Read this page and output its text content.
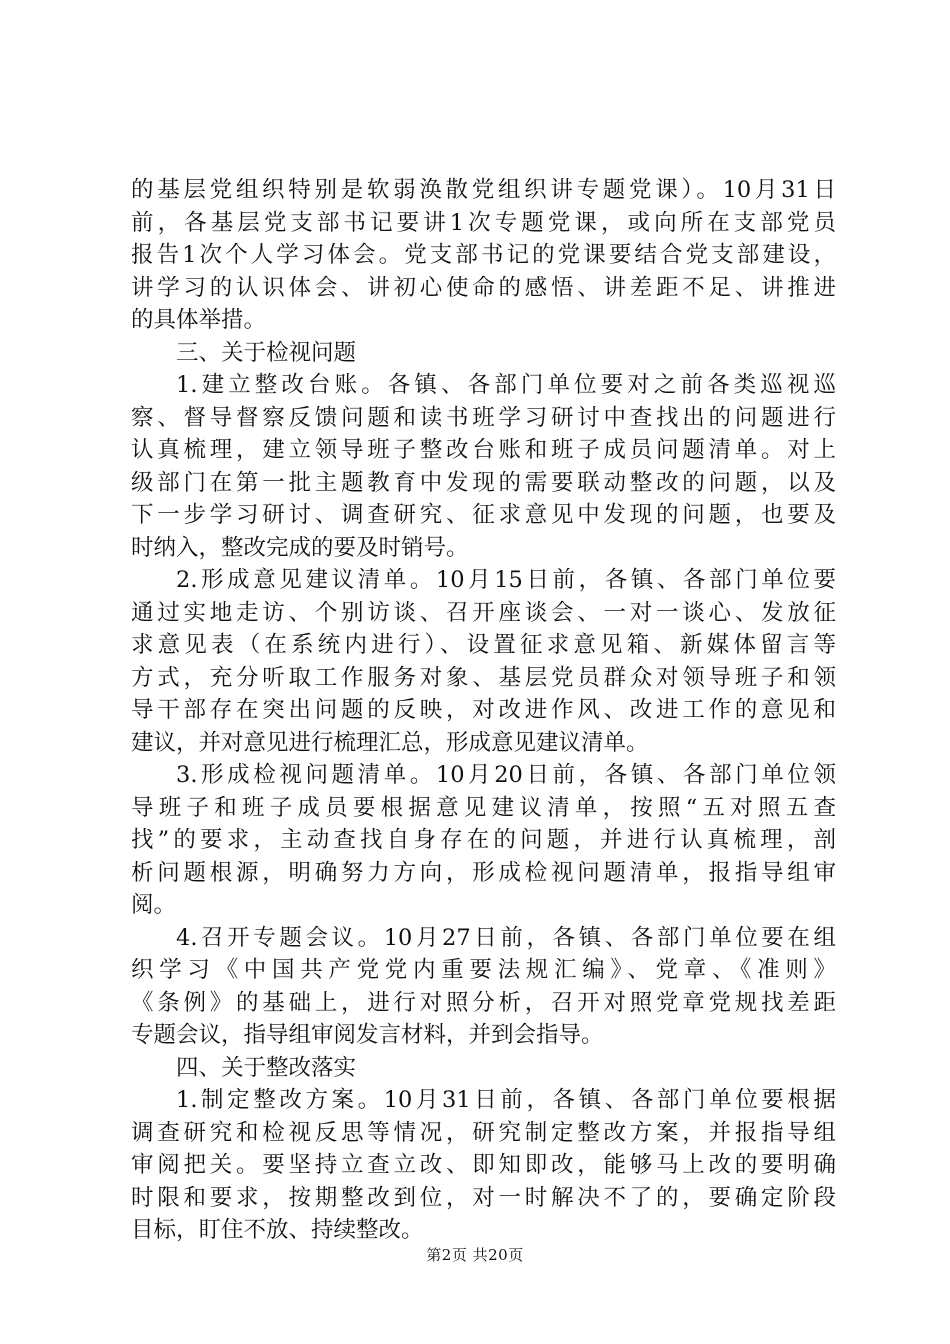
的基层党组织特别是软弱涣散党组织讲专题党课）。10月31日
前，各基层党支部书记要讲1次专题党课，或向所在支部党员
报告1次个人学习体会。党支部书记的党课要结合党支部建设，
讲学习的认识体会、讲初心使命的感悟、讲差距不足、讲推进
的具体举措。
三、关于检视问题
1.建立整改台账。各镇、各部门单位要对之前各类巡视巡
察、督导督察反馈问题和读书班学习研讨中查找出的问题进行
认真梳理，建立领导班子整改台账和班子成员问题清单。对上
级部门在第一批主题教育中发现的需要联动整改的问题，以及
下一步学习研讨、调查研究、征求意见中发现的问题，也要及
时纳入，整改完成的要及时销号。
2.形成意见建议清单。10月15日前，各镇、各部门单位要
通过实地走访、个别访谈、召开座谈会、一对一谈心、发放征
求意见表（在系统内进行）、设置征求意见箱、新媒体留言等
方式，充分听取工作服务对象、基层党员群众对领导班子和领
导干部存在突出问题的反映，对改进作风、改进工作的意见和
建议，并对意见进行梳理汇总，形成意见建议清单。
3.形成检视问题清单。10月20日前，各镇、各部门单位领
导班子和班子成员要根据意见建议清单，按照“五对照五查
找”的要求，主动查找自身存在的问题，并进行认真梳理，剖
析问题根源，明确努力方向，形成检视问题清单，报指导组审
阅。
4.召开专题会议。10月27日前，各镇、各部门单位要在组
织学习《中国共产党党内重要法规汇编》、党章、《准则》
《条例》的基础上，进行对照分析，召开对照党章党规找差距
专题会议，指导组审阅发言材料，并到会指导。
四、关于整改落实
1.制定整改方案。10月31日前，各镇、各部门单位要根据
调查研究和检视反思等情况，研究制定整改方案，并报指导组
审阅把关。要坚持立查立改、即知即改，能够马上改的要明确
时限和要求，按期整改到位，对一时解决不了的，要确定阶段
目标，盯住不放、持续整改。
第2页 共20页
